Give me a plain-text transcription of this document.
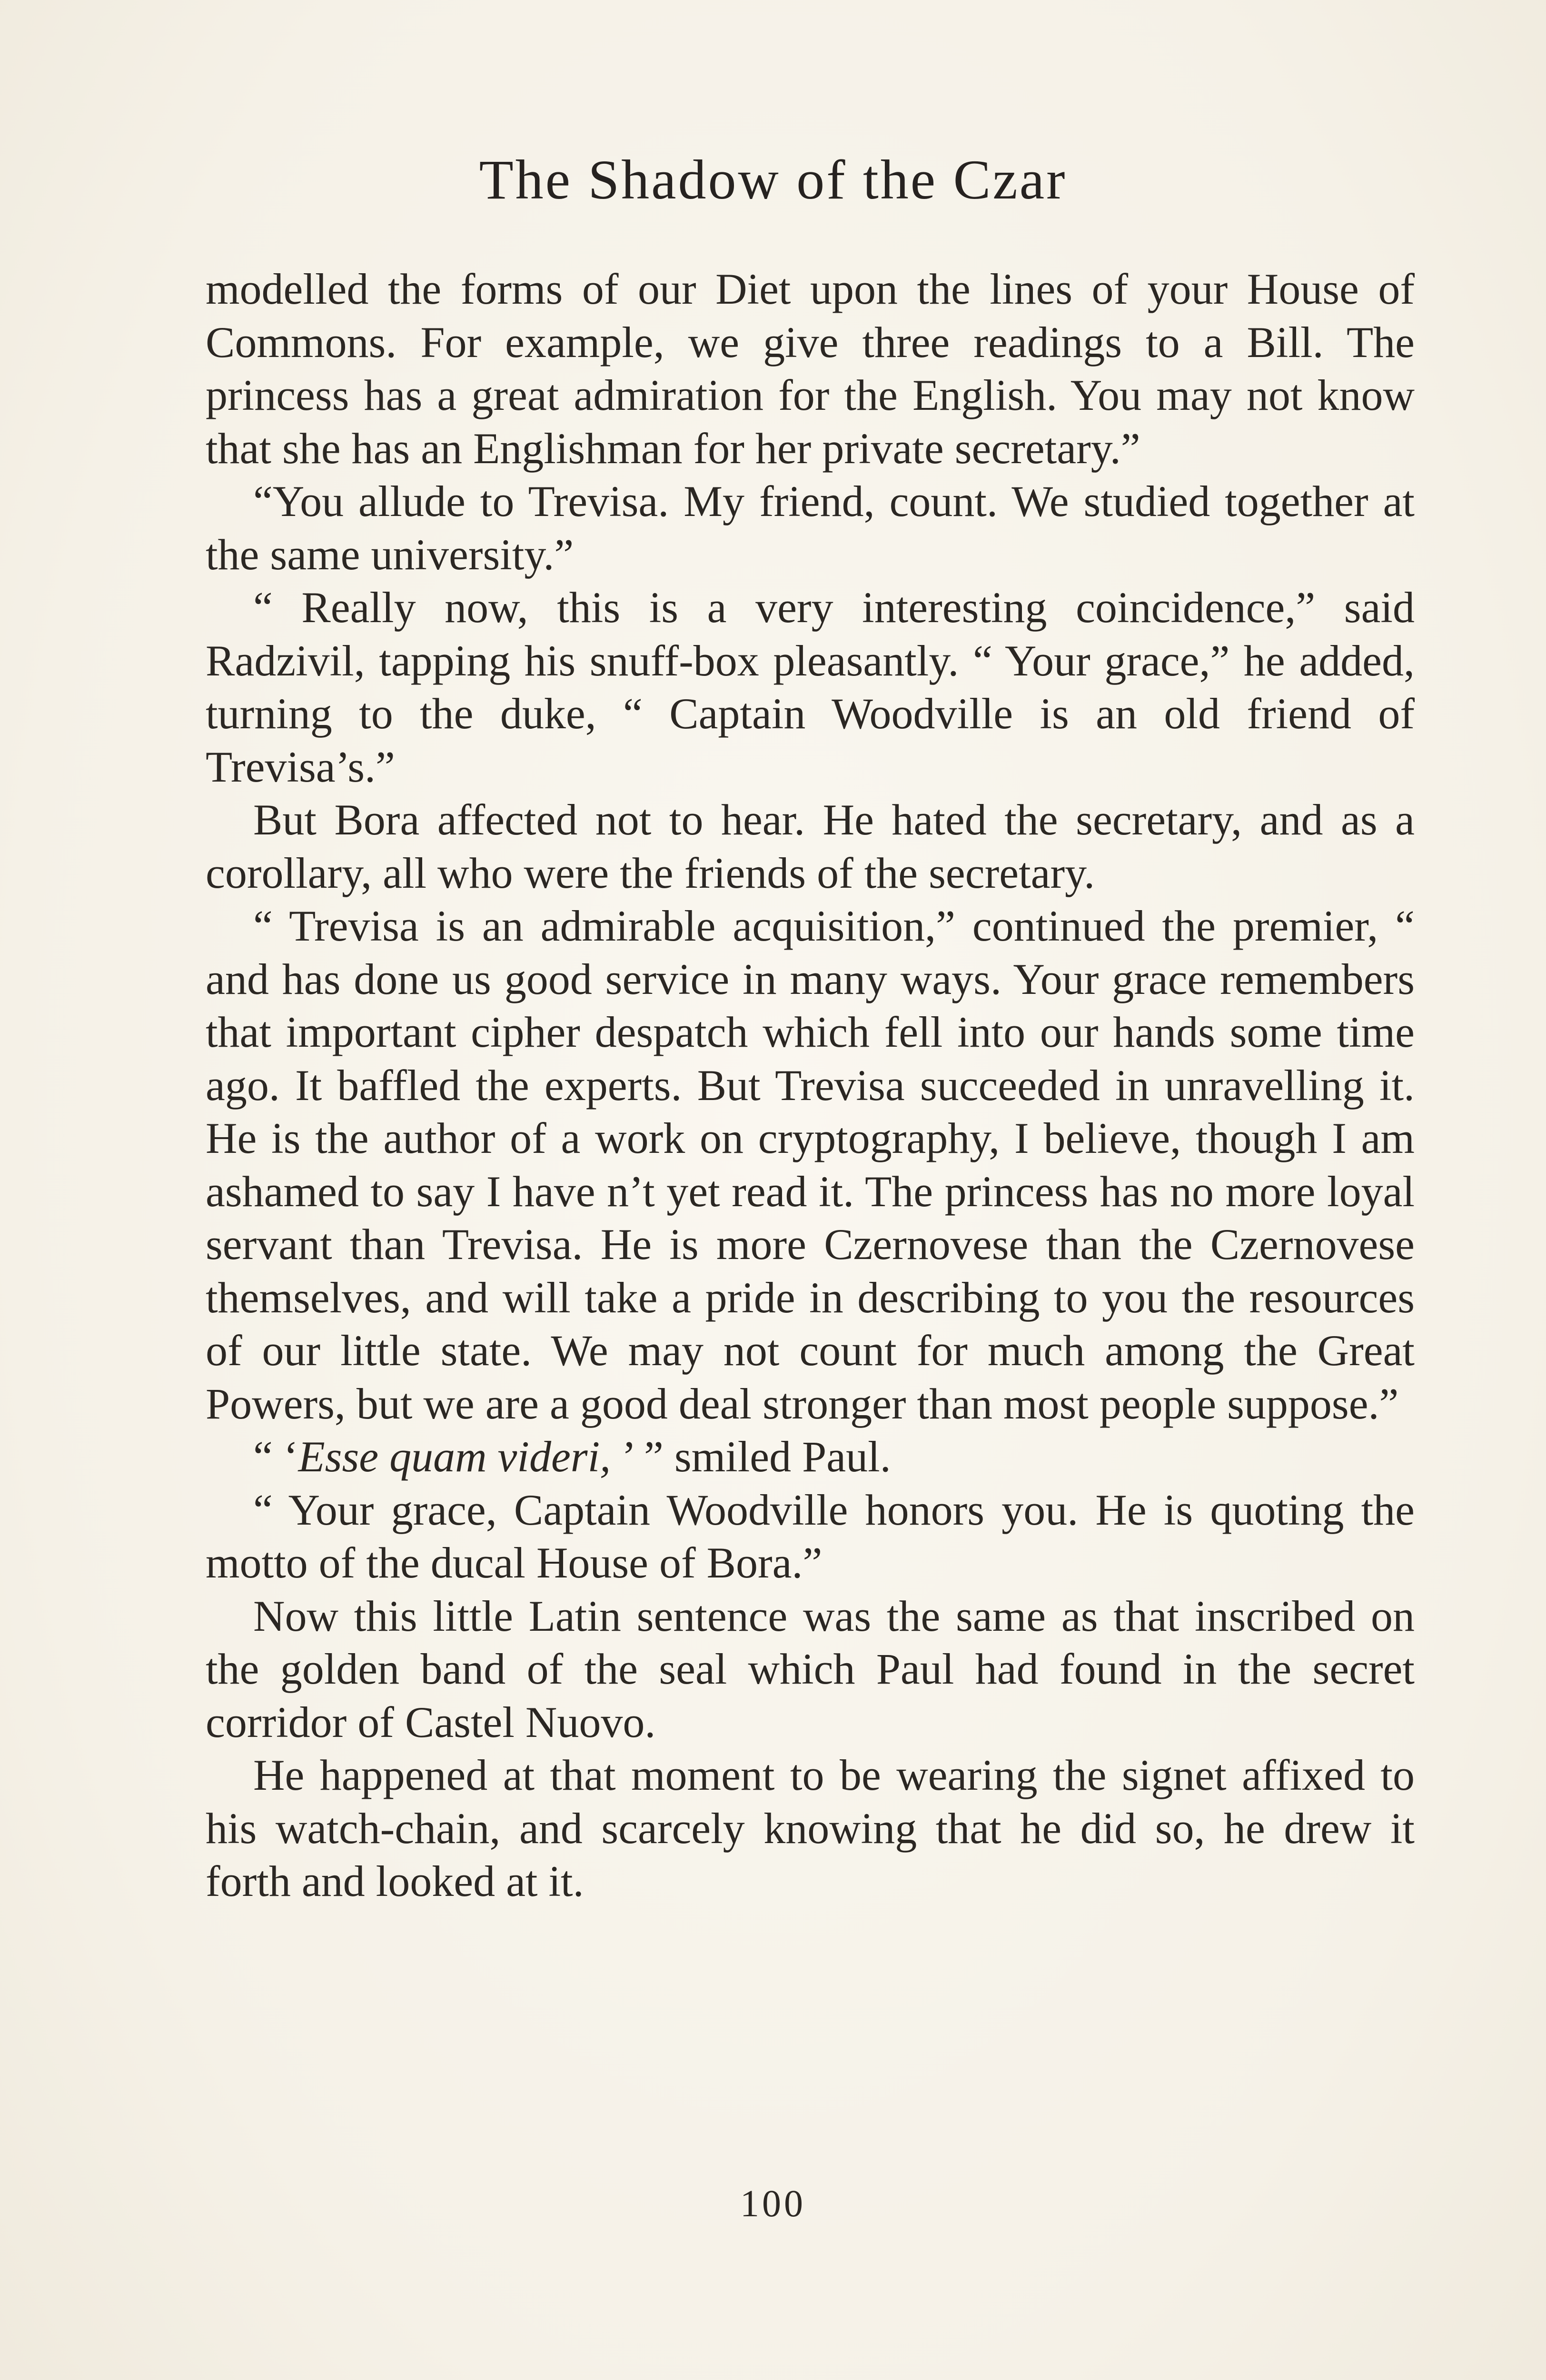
The Shadow of the Czar

modelled the forms of our Diet upon the lines of your House of Commons. For example, we give three readings to a Bill. The princess has a great admiration for the English. You may not know that she has an Englishman for her private secretary.”

“You allude to Trevisa. My friend, count. We studied together at the same university.”

“ Really now, this is a very interesting coincidence,” said Radzivil, tapping his snuff-box pleasantly. “ Your grace,” he added, turning to the duke, “ Captain Woodville is an old friend of Trevisa’s.”

But Bora affected not to hear. He hated the secretary, and as a corollary, all who were the friends of the secretary.

“ Trevisa is an admirable acquisition,” continued the premier, “ and has done us good service in many ways. Your grace remembers that important cipher despatch which fell into our hands some time ago. It baffled the experts. But Trevisa succeeded in unravelling it. He is the author of a work on cryptography, I believe, though I am ashamed to say I have n’t yet read it. The princess has no more loyal servant than Trevisa. He is more Czernovese than the Czernovese themselves, and will take a pride in describing to you the resources of our little state. We may not count for much among the Great Powers, but we are a good deal stronger than most people suppose.”

“ ‘Esse quam videri, ’ ” smiled Paul.

“ Your grace, Captain Woodville honors you. He is quoting the motto of the ducal House of Bora.”

Now this little Latin sentence was the same as that inscribed on the golden band of the seal which Paul had found in the secret corridor of Castel Nuovo.

He happened at that moment to be wearing the signet affixed to his watch-chain, and scarcely knowing that he did so, he drew it forth and looked at it.

100
